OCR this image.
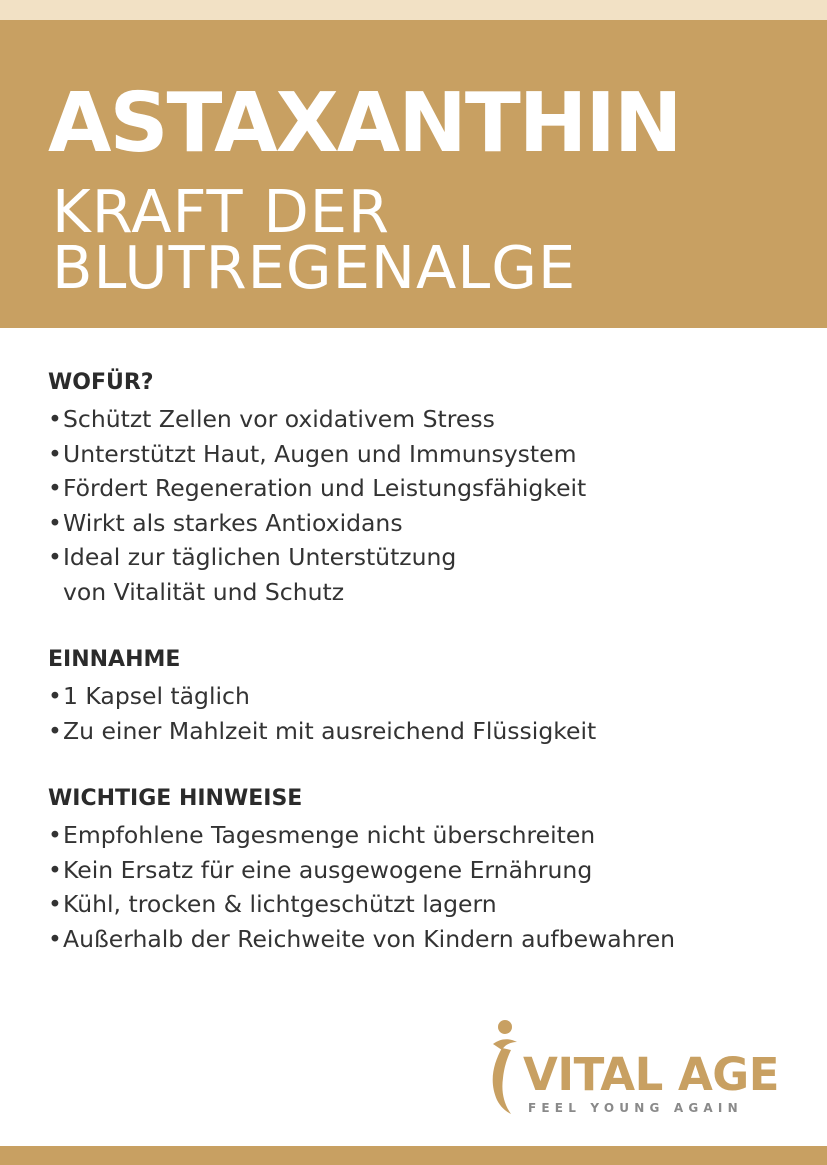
ASTAXANTHIN
KRAFT DER
BLUTREGENALGE
WOFÜR?
• Schützt Zellen vor oxidativem Stress
• Unterstützt Haut, Augen und Immunsystem
• Fördert Regeneration und Leistungsfähigkeit
• Wirkt als starkes Antioxidans
• Ideal zur täglichen Unterstützung
von Vitalität und Schutz
EINNAHME
• 1 Kapsel täglich
• Zu einer Mahlzeit mit ausreichend Flüssigkeit
WICHTIGE HINWEISE
• Empfohlene Tagesmenge nicht überschreiten
• Kein Ersatz für eine ausgewogene Ernährung
• Kühl, trocken & lichtgeschützt lagern
• Außerhalb der Reichweite von Kindern aufbewahren
VITAL AGE
FEEL YOUNG AGAIN
